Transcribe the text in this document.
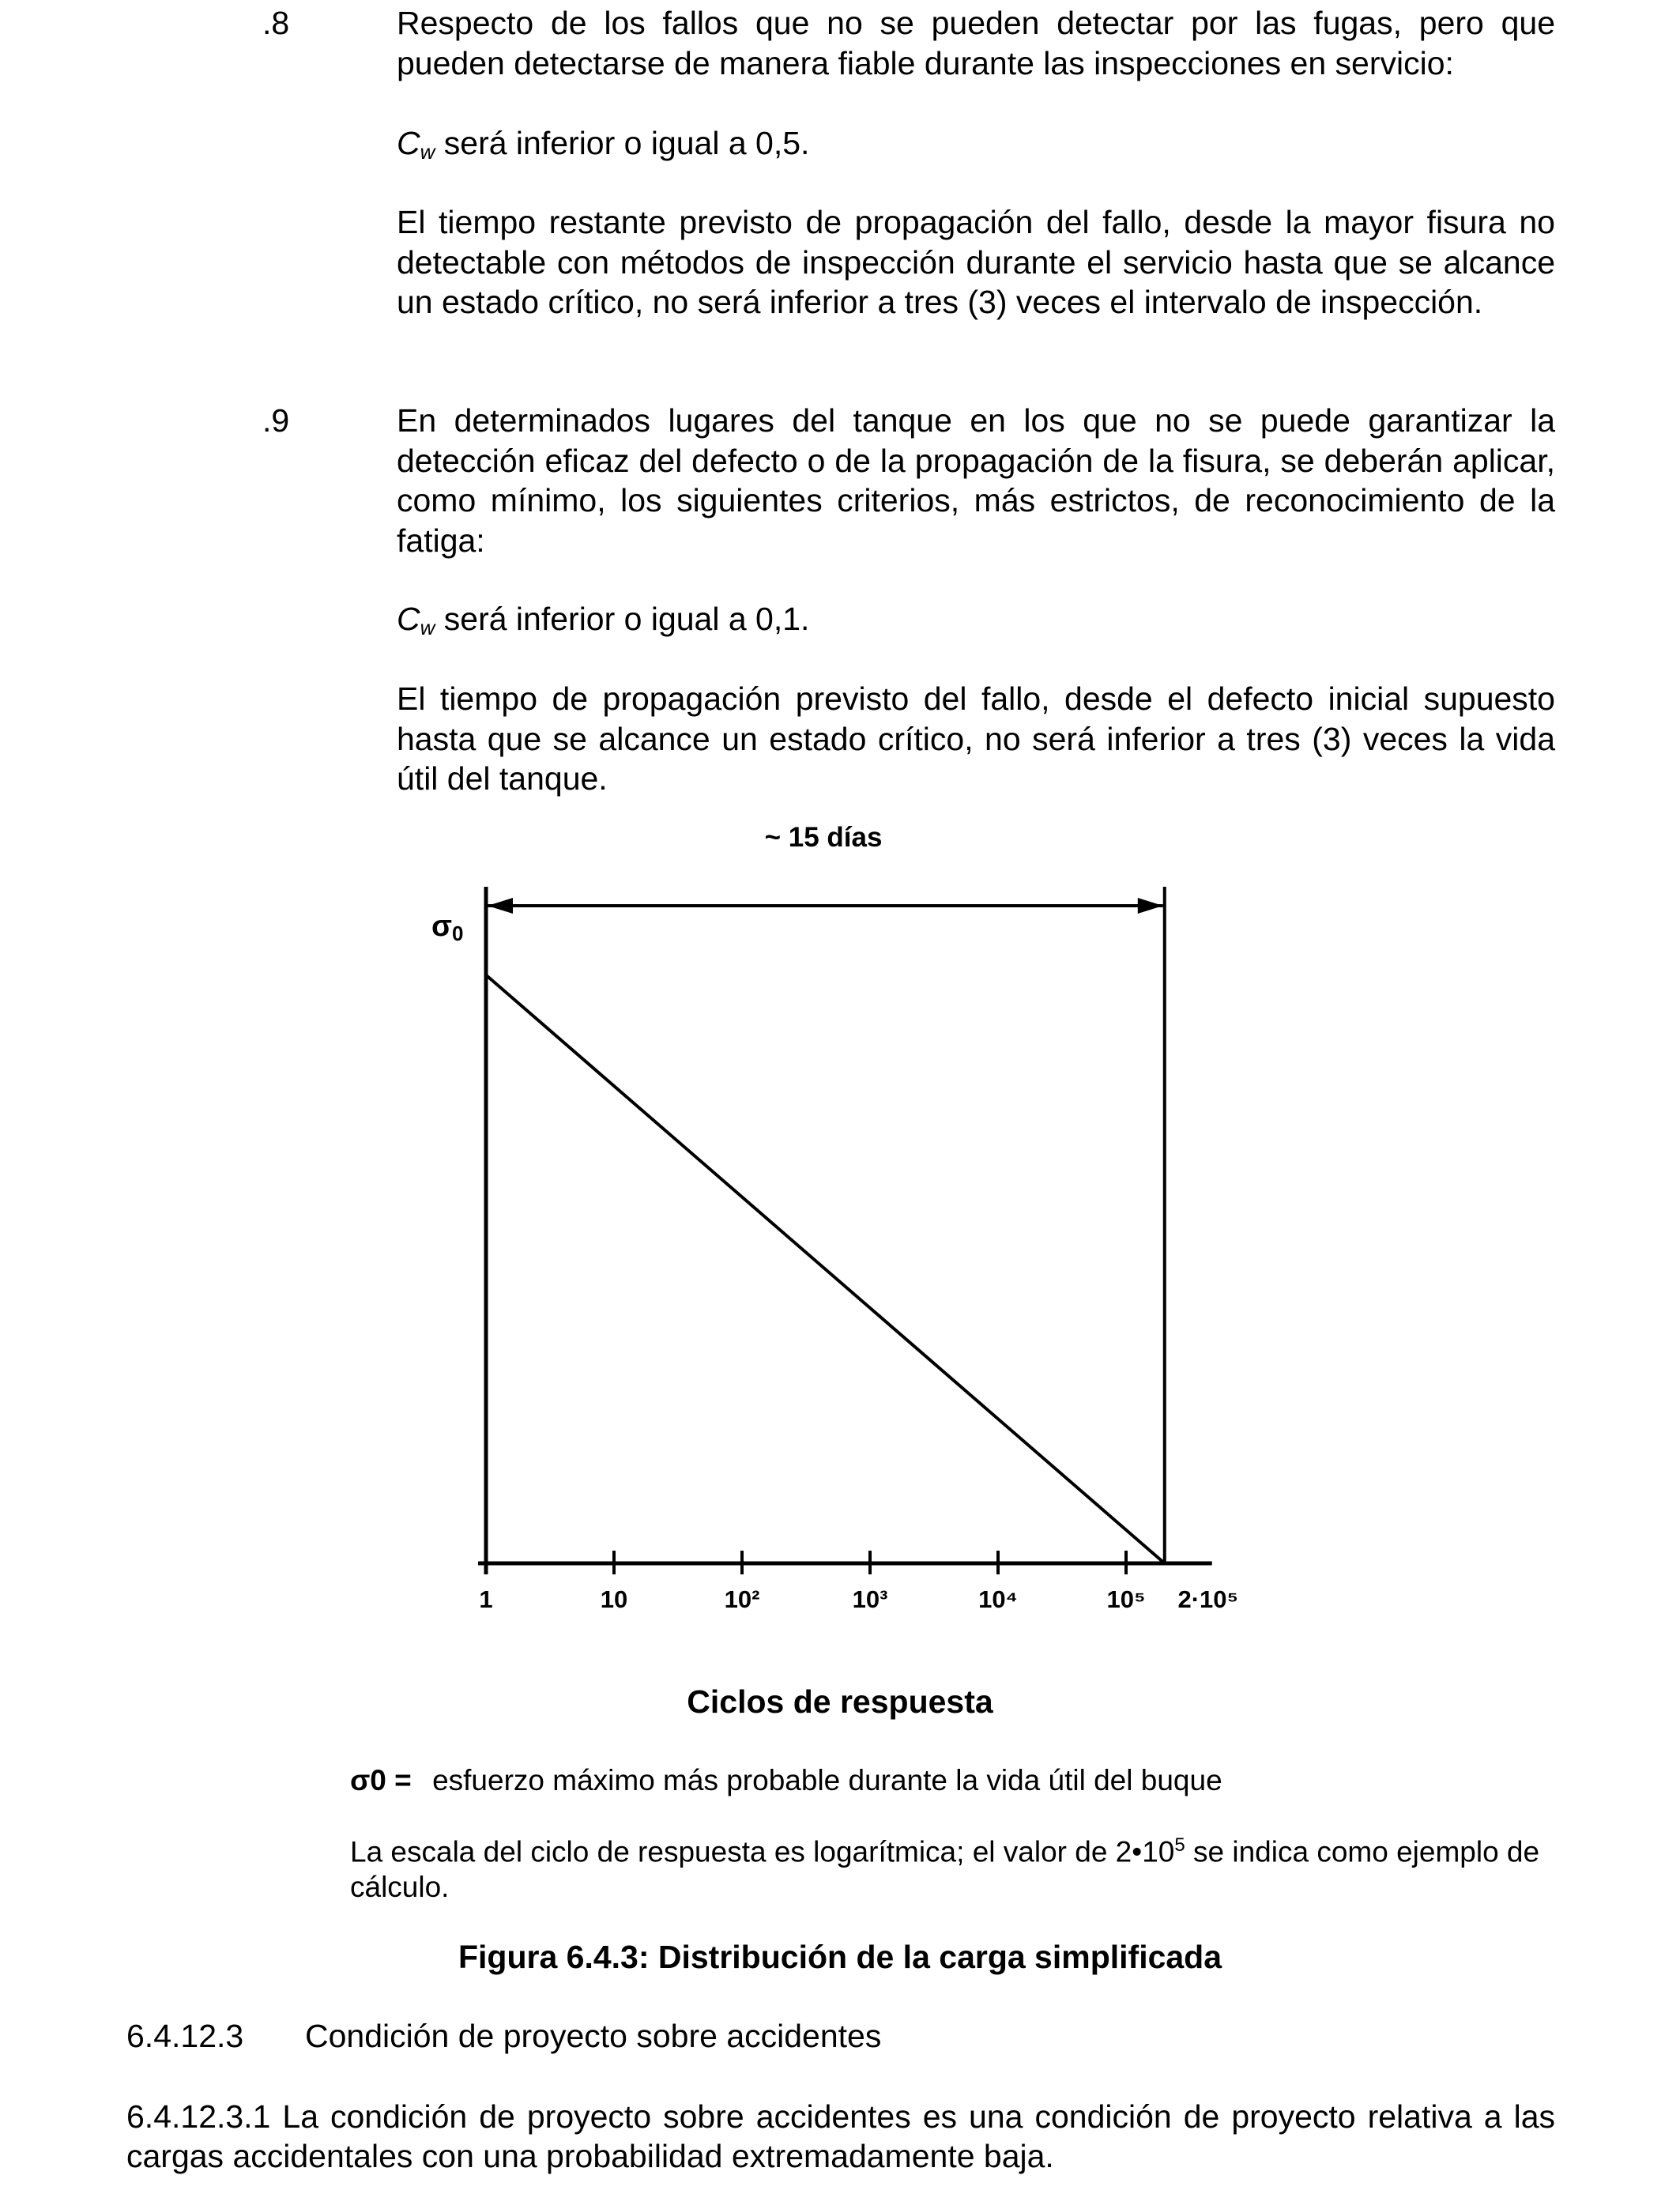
.8	Respecto de los fallos que no se pueden detectar por las fugas, pero que pueden detectarse de manera fiable durante las inspecciones en servicio:
$C_w$ será inferior o igual a 0,5.
El tiempo restante previsto de propagación del fallo, desde la mayor fisura no detectable con métodos de inspección durante el servicio hasta que se alcance un estado crítico, no será inferior a tres (3) veces el intervalo de inspección.
.9	En determinados lugares del tanque en los que no se puede garantizar la detección eficaz del defecto o de la propagación de la fisura, se deberán aplicar, como mínimo, los siguientes criterios, más estrictos, de reconocimiento de la fatiga:
$C_w$ será inferior o igual a 0,1.
El tiempo de propagación previsto del fallo, desde el defecto inicial supuesto hasta que se alcance un estado crítico, no será inferior a tres (3) veces la vida útil del tanque.
~ 15 días
σ0
Ciclos de respuesta
1	10	10²	10³	10⁴	10⁵ 2·10⁵
σ0 = esfuerzo máximo más probable durante la vida útil del buque
La escala del ciclo de respuesta es logarítmica; el valor de $2•10^5$ se indica como ejemplo de cálculo.
Figura 6.4.3: Distribución de la carga simplificada
6.4.12.3 Condición de proyecto sobre accidentes
6.4.12.3.1 La condición de proyecto sobre accidentes es una condición de proyecto relativa a las cargas accidentales con una probabilidad extremadamente baja.
